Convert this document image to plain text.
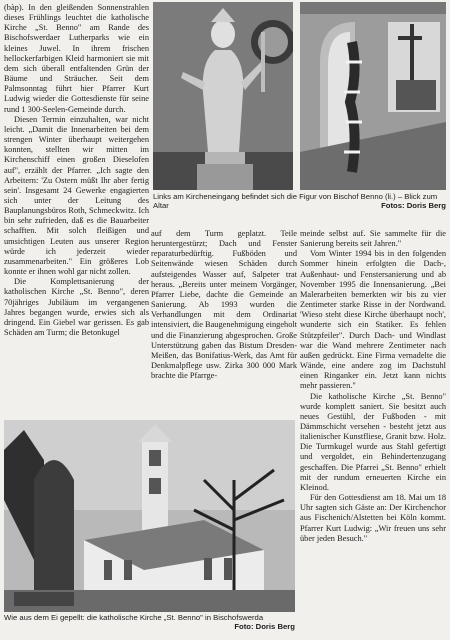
(bàp). In den gleißenden Sonnenstrahlen dieses Frühlings leuchtet die katholische Kirche „St. Benno" am Rande des Bischofswerdaer Lutherparks wie ein kleines Juwel. In ihrem frischen hellockerfarbigen Kleid harmoniert sie mit dem sich überall entfaltenden Grün der Bäume und Sträucher. Seit dem Palmsonntag führt hier Pfarrer Kurt Ludwig wieder die Gottesdienste für seine rund 1 300-Seelen-Gemeinde durch.

Diesen Termin einzuhalten, war nicht leicht. „Damit die Innenarbeiten bei dem strengen Winter überhaupt weitergehen konnten, stellten wir mitten im Kirchenschiff einen großen Dieselofen auf", erzählt der Pfarrer. „Ich sagte den Arbeitern: 'Zu Ostern müßt Ihr aber fertig sein'. Insgesamt 24 Gewerke engagierten sich unter der Leitung des Bauplanungsbüros Roth, Schmeckwitz. Ich bin sehr zufrieden, daß es die Bauarbeiter schafften. Mit solch fleißigen und umsichtigen Leuten aus unserer Region würde ich jederzeit wieder zusammenarbeiten." Ein größeres Lob konnte er ihnen wohl gar nicht zollen.

Die Komplettsanierung der katholischen Kirche „St. Benno", deren 70jähriges Jubiläum im vergangenen Jahres begangen wurde, erwies sich als dringend. Ein Giebel war gerissen. Es gab Schäden am Turm; die Betonkugel

Links am Kircheneingang befindet sich die Figur von Bischof Benno (li.) – Blick zum Altar	Fotos: Doris Berg

auf dem Turm geplatzt. Teile heruntergestürzt; Dach und Fenster reparaturbedürftig. Fußböden und Seitenwände wiesen Schäden durch aufsteigendes Wasser auf, Salpeter trat heraus. „Bereits unter meinem Vorgänger, Pfarrer Liebe, dachte die Gemeinde an Sanierung. Ab 1993 wurden die Verhandlungen mit dem Ordinariat intensiviert, die Baugenehmigung eingeholt und die Finanzierung abgesprochen. Große Unterstützung gaben das Bistum Dresden-Meißen, das Bonifatius-Werk, das Amt für Denkmalpflege usw. Zirka 300 000 Mark brachte die Pfarrge-

meinde selbst auf. Sie sammelte für die Sanierung bereits seit Jahren."

Vom Winter 1994 bis in den folgenden Sommer hinein erfolgten die Dach-, Außenhaut- und Fenstersanierung und ab November 1995 die Innensanierung. „Bei Malerarbeiten bemerkten wir bis zu vier Zentimeter starke Risse in der Nordwand. 'Wieso steht diese Kirche überhaupt noch', wunderte sich ein Statiker. Es fehlen Stützpfeiler". Durch Dach- und Windlast war die Wand mehrere Zentimeter nach außen gedrückt. Eine Firma vernadelte die Wände, eine andere zog im Dachstuhl einen Ringanker ein. Jetzt kann nichts mehr passieren."

Die katholische Kirche „St. Benno" wurde komplett saniert. Sie besitzt auch neues Gestühl, der Fußboden - mit Dämmschicht versehen - besteht jetzt aus italienischer Kunstfliese, Granit bzw. Holz. Die Turmkugel wurde aus Stahl gefertigt und vergoldet, ein Behindertenzugang geschaffen. Die Pfarrei „St. Benno" erhielt mit der rundum erneuerten Kirche ein Kleinod.

Für den Gottesdienst am 18. Mai um 18 Uhr sagten sich Gäste an: Der Kirchenchor aus Fischenich/Alstetten bei Köln kommt. Pfarrer Kurt Ludwig: „Wir freuen uns sehr über jeden Besuch."

Wie aus dem Ei gepellt: die katholische Kirche „St. Benno" in Bischofswerda
Foto: Doris Berg
